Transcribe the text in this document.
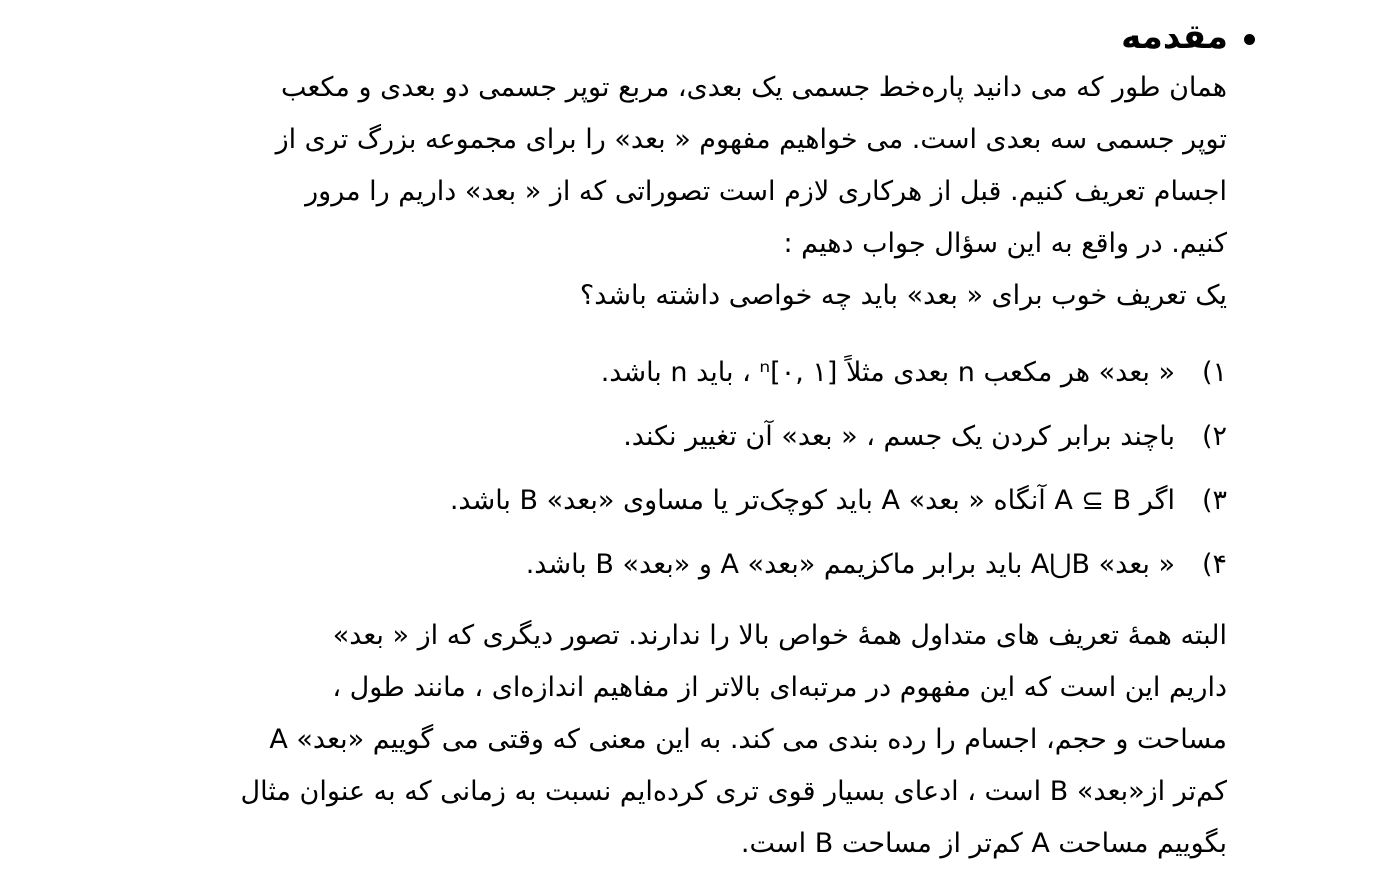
مقدمه

همان طور که می دانید پاره‌خط جسمی یک بعدی، مربع توپر جسمی دو بعدی و مکعب
توپر جسمی سه بعدی است. می خواهیم مفهوم « بعد» را برای مجموعه بزرگ تری از
اجسام تعریف کنیم. قبل از هرکاری لازم است تصوراتی که از « بعد» داریم را مرور
کنیم. در واقع به این سؤال جواب دهیم :
یک تعریف خوب برای « بعد» باید چه خواصی داشته باشد؟

۱)
« بعد» هر مکعب n بعدی مثلاً ⁿ[۰, ۱] ، باید n باشد.
۲)
باچند برابر کردن یک جسم ، « بعد» آن تغییر نکند.
۳)
اگر A ⊆ B آنگاه « بعد» A باید کوچک‌تر یا مساوی «بعد» B باشد.
۴)
« بعد» A⋃B باید برابر ماکزیمم «بعد» A و «بعد» B باشد.

البته همهٔ تعریف های متداول همهٔ خواص بالا را ندارند. تصور دیگری که از « بعد»
داریم این است که این مفهوم در مرتبه‌ای بالاتر از مفاهیم اندازه‌ای ، مانند طول ،
مساحت و حجم، اجسام را رده بندی می کند. به این معنی که وقتی می گوییم «بعد» A
کم‌تر از«بعد» B است ، ادعای بسیار قوی تری کرده‌ایم نسبت به زمانی که به عنوان مثال
بگوییم مساحت A کم‌تر از مساحت B است.
